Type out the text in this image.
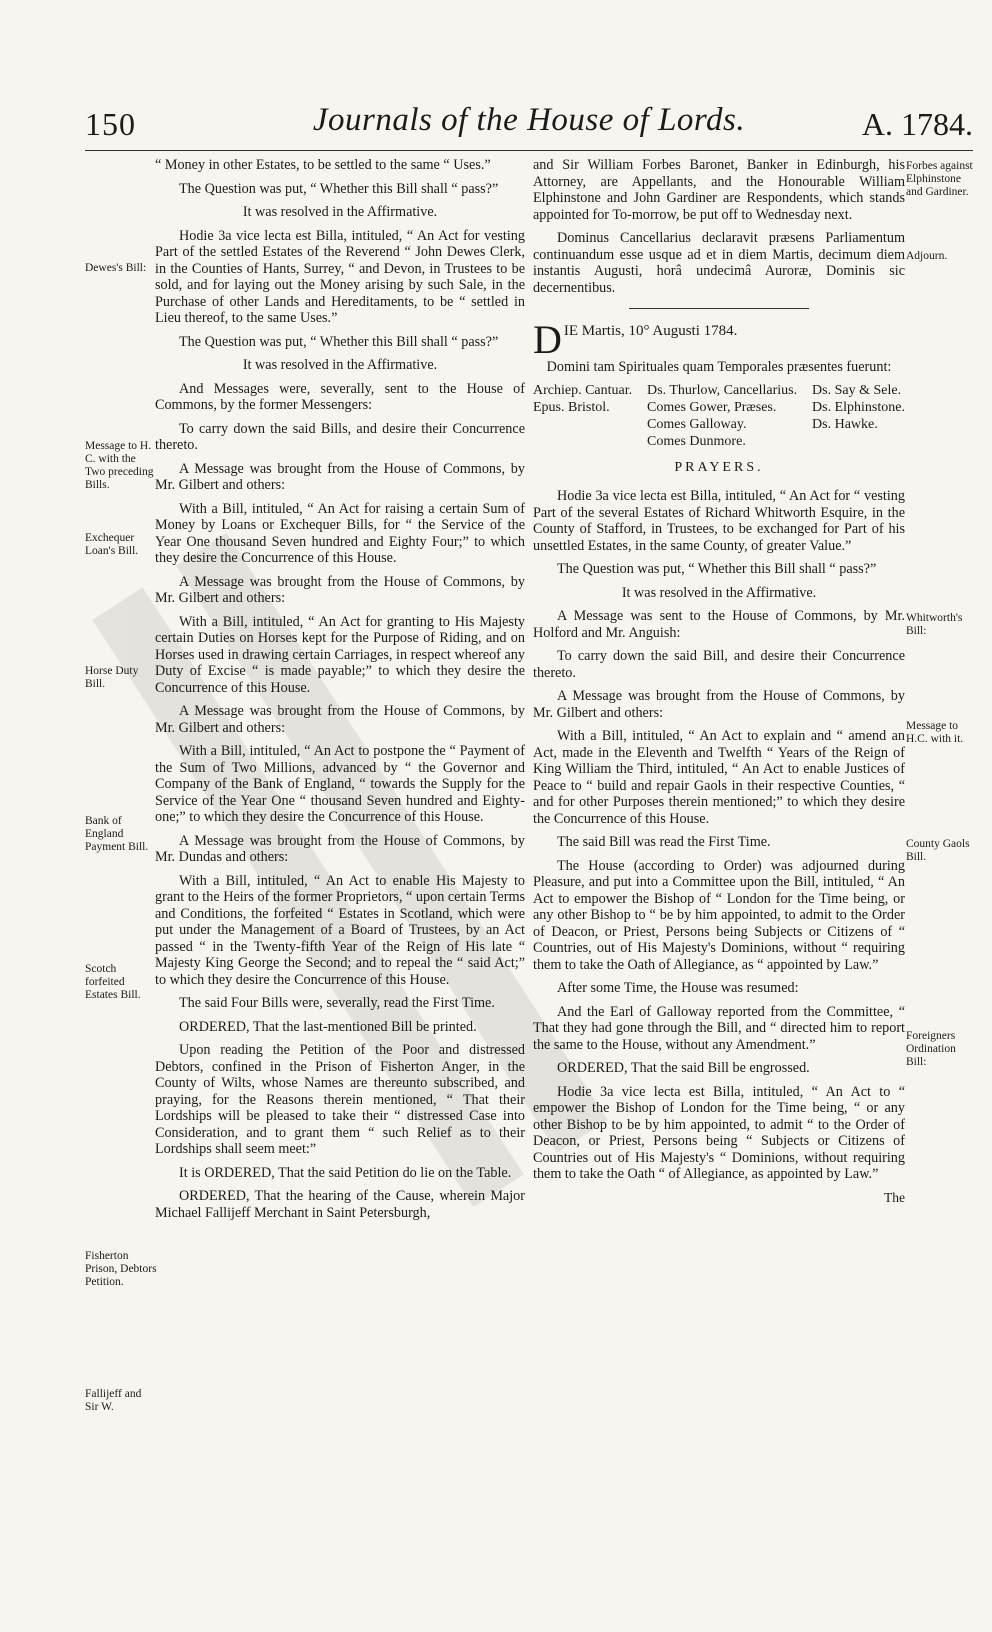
150	Journals of the House of Lords.	A. 1784.
Dewes's Bill:
Message to H. C. with the Two preceding Bills.
Exchequer Loan's Bill.
Horse Duty Bill.
Bank of England Payment Bill.
Scotch forfeited Estates Bill.
Fisherton Prison, Debtors Petition.
Fallijeff and Sir W.
Forbes against Elphinstone and Gardiner.
Adjourn.
Whitworth's Bill:
Message to H.C. with it.
County Gaols Bill.
Foreigners Ordination Bill:

“ Money in other Estates, to be settled to the same “ Uses.”

The Question was put, “ Whether this Bill shall “ pass?”

It was resolved in the Affirmative.

Hodie 3a vice lecta est Billa, intituled, “ An Act for vesting Part of the settled Estates of the Reverend “ John Dewes Clerk, in the Counties of Hants, Surrey, “ and Devon, in Trustees to be sold, and for laying out the Money arising by such Sale, in the Purchase of other Lands and Hereditaments, to be “ settled in Lieu thereof, to the same Uses.”

The Question was put, “ Whether this Bill shall “ pass?”

It was resolved in the Affirmative.

And Messages were, severally, sent to the House of Commons, by the former Messengers:

To carry down the said Bills, and desire their Concurrence thereto.

A Message was brought from the House of Commons, by Mr. Gilbert and others:

With a Bill, intituled, “ An Act for raising a certain Sum of Money by Loans or Exchequer Bills, for “ the Service of the Year One thousand Seven hundred and Eighty Four;” to which they desire the Concurrence of this House.

A Message was brought from the House of Commons, by Mr. Gilbert and others:

With a Bill, intituled, “ An Act for granting to His Majesty certain Duties on Horses kept for the Purpose of Riding, and on Horses used in drawing certain Carriages, in respect whereof any Duty of Excise “ is made payable;” to which they desire the Concurrence of this House.

A Message was brought from the House of Commons, by Mr. Gilbert and others:

With a Bill, intituled, “ An Act to postpone the “ Payment of the Sum of Two Millions, advanced by “ the Governor and Company of the Bank of England, “ towards the Supply for the Service of the Year One “ thousand Seven hundred and Eighty-one;” to which they desire the Concurrence of this House.

A Message was brought from the House of Commons, by Mr. Dundas and others:

With a Bill, intituled, “ An Act to enable His Majesty to grant to the Heirs of the former Proprietors, “ upon certain Terms and Conditions, the forfeited “ Estates in Scotland, which were put under the Management of a Board of Trustees, by an Act passed “ in the Twenty-fifth Year of the Reign of His late “ Majesty King George the Second; and to repeal the “ said Act;” to which they desire the Concurrence of this House.

The said Four Bills were, severally, read the First Time.

ORDERED, That the last-mentioned Bill be printed.

Upon reading the Petition of the Poor and distressed Debtors, confined in the Prison of Fisherton Anger, in the County of Wilts, whose Names are thereunto subscribed, and praying, for the Reasons therein mentioned, “ That their Lordships will be pleased to take their “ distressed Case into Consideration, and to grant them “ such Relief as to their Lordships shall seem meet:”

It is ORDERED, That the said Petition do lie on the Table.

ORDERED, That the hearing of the Cause, wherein Major Michael Fallijeff Merchant in Saint Petersburgh,

and Sir William Forbes Baronet, Banker in Edinburgh, his Attorney, are Appellants, and the Honourable William Elphinstone and John Gardiner are Respondents, which stands appointed for To-morrow, be put off to Wednesday next.

Dominus Cancellarius declaravit præsens Parliamentum continuandum esse usque ad et in diem Martis, decimum diem instantis Augusti, horâ undecimâ Auroræ, Dominis sic decernentibus.

D IE Martis, 10° Augusti 1784.

Domini tam Spirituales quam Temporales præsentes fuerunt:

Archiep. Cantuar.
Epus. Bristol.
Ds. Thurlow, Cancellarius.
Comes Gower, Præses.
Comes Galloway.
Comes Dunmore.
Ds. Say & Sele.
Ds. Elphinstone.
Ds. Hawke.
PRAYERS.

Hodie 3a vice lecta est Billa, intituled, “ An Act for “ vesting Part of the several Estates of Richard Whitworth Esquire, in the County of Stafford, in Trustees, to be exchanged for Part of his unsettled Estates, in the same County, of greater Value.”

The Question was put, “ Whether this Bill shall “ pass?”

It was resolved in the Affirmative.

A Message was sent to the House of Commons, by Mr. Holford and Mr. Anguish:

To carry down the said Bill, and desire their Concurrence thereto.

A Message was brought from the House of Commons, by Mr. Gilbert and others:

With a Bill, intituled, “ An Act to explain and “ amend an Act, made in the Eleventh and Twelfth “ Years of the Reign of King William the Third, intituled, “ An Act to enable Justices of Peace to “ build and repair Gaols in their respective Counties, “ and for other Purposes therein mentioned;” to which they desire the Concurrence of this House.

The said Bill was read the First Time.

The House (according to Order) was adjourned during Pleasure, and put into a Committee upon the Bill, intituled, “ An Act to empower the Bishop of “ London for the Time being, or any other Bishop to “ be by him appointed, to admit to the Order of Deacon, or Priest, Persons being Subjects or Citizens of “ Countries, out of His Majesty's Dominions, without “ requiring them to take the Oath of Allegiance, as “ appointed by Law.”

After some Time, the House was resumed:

And the Earl of Galloway reported from the Committee, “ That they had gone through the Bill, and “ directed him to report the same to the House, without any Amendment.”

ORDERED, That the said Bill be engrossed.

Hodie 3a vice lecta est Billa, intituled, “ An Act to “ empower the Bishop of London for the Time being, “ or any other Bishop to be by him appointed, to admit “ to the Order of Deacon, or Priest, Persons being “ Subjects or Citizens of Countries out of His Majesty's “ Dominions, without requiring them to take the Oath “ of Allegiance, as appointed by Law.”

The
